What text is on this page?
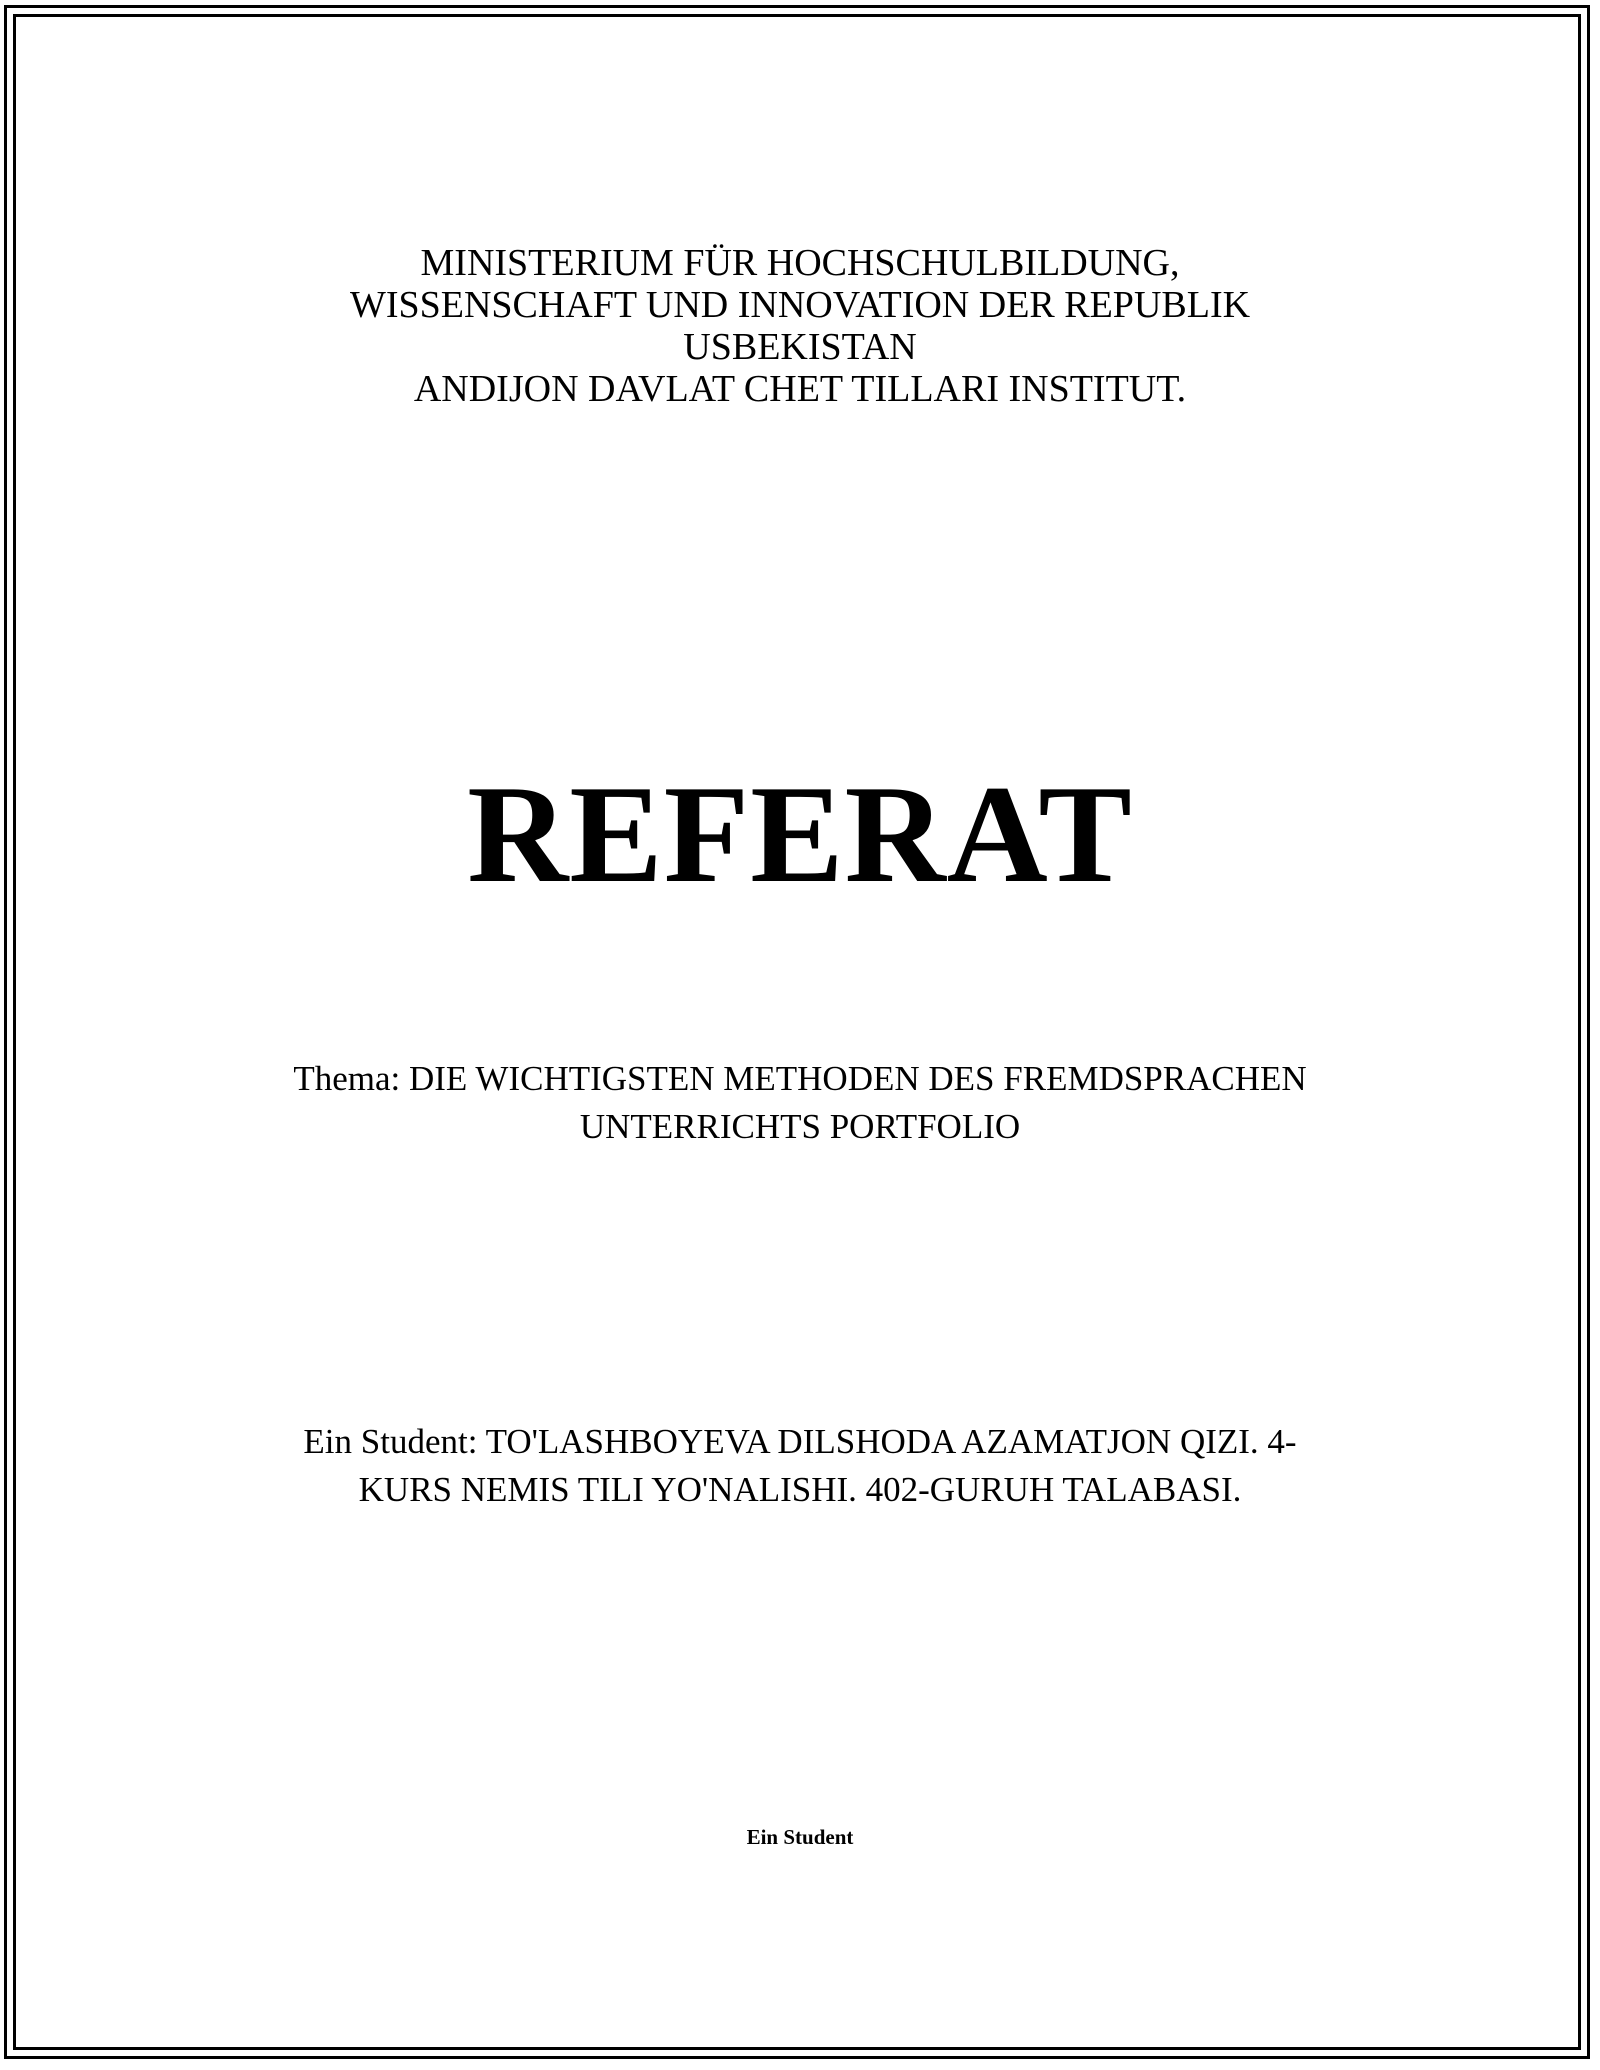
MINISTERIUM FÜR HOCHSCHULBILDUNG,
WISSENSCHAFT UND INNOVATION DER REPUBLIK
USBEKISTAN
ANDIJON DAVLAT CHET TILLARI INSTITUT.
REFERAT
Thema: DIE WICHTIGSTEN METHODEN DES FREMDSPRACHEN
UNTERRICHTS PORTFOLIO
Ein Student: TO'LASHBOYEVA DILSHODA AZAMATJON QIZI. 4-
KURS NEMIS TILI YO'NALISHI. 402-GURUH TALABASI.
Ein Student
